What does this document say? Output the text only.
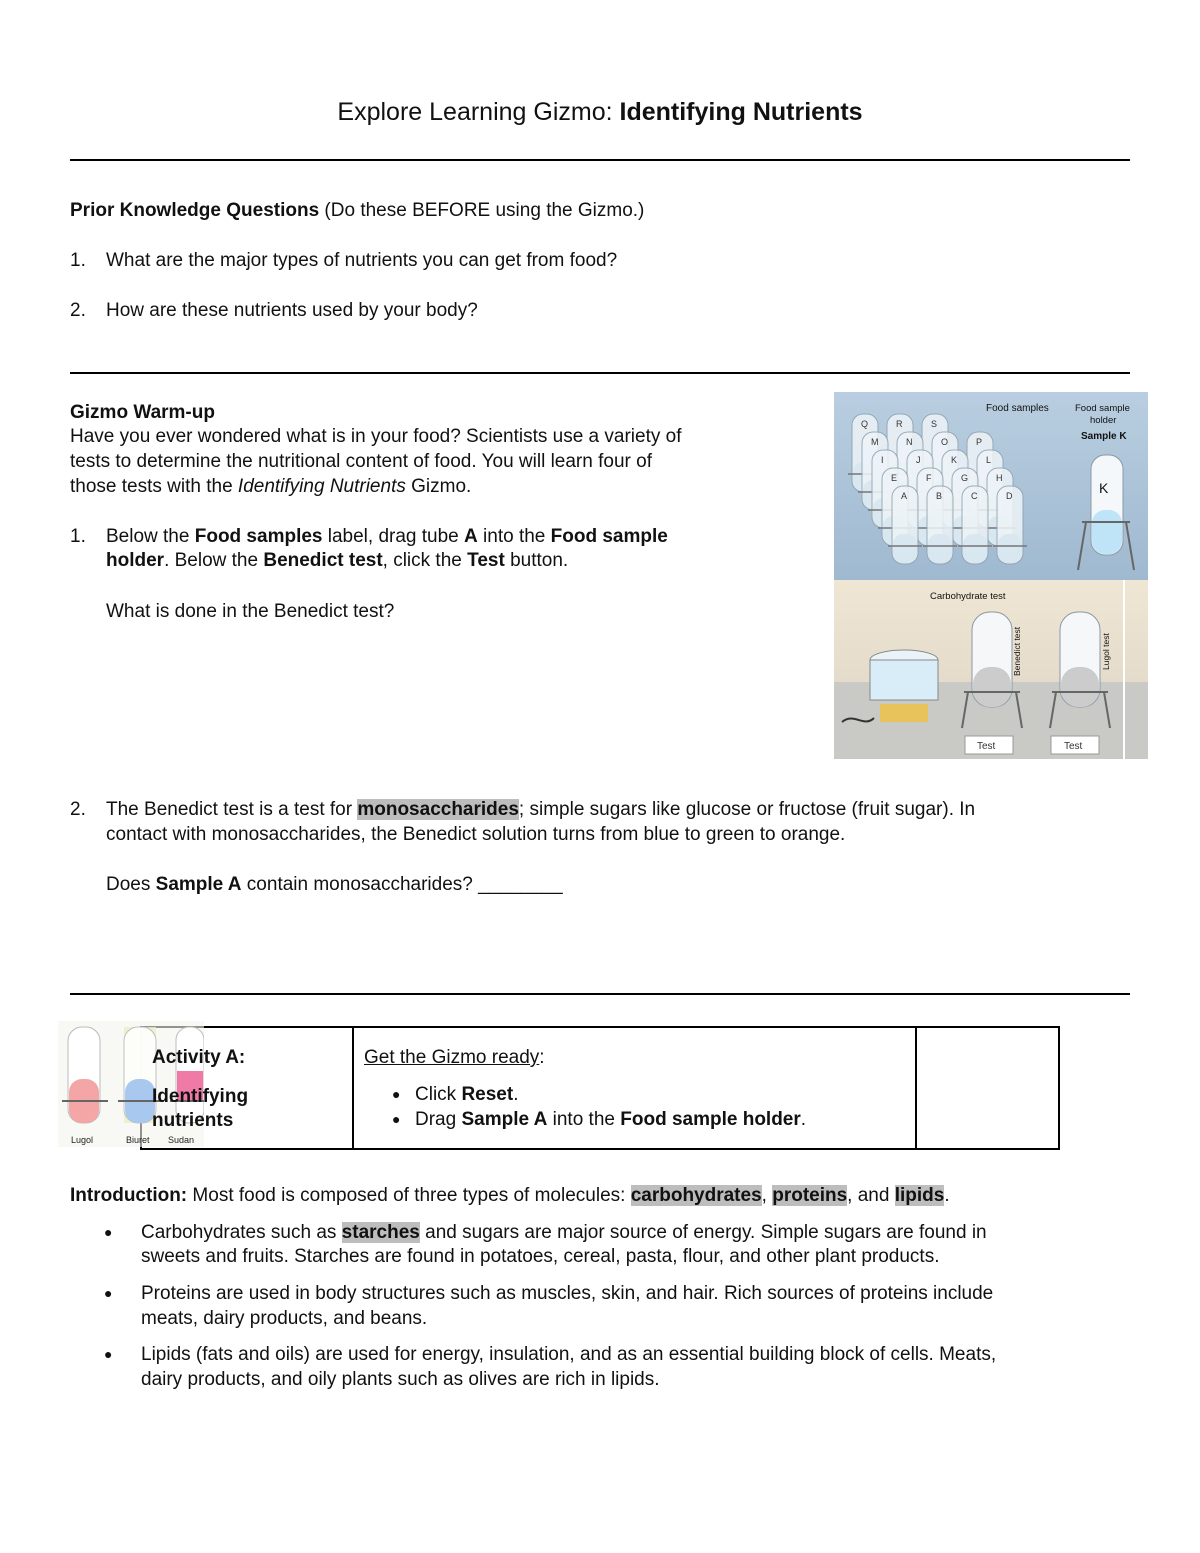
Explore Learning Gizmo: Identifying Nutrients
Prior Knowledge Questions (Do these BEFORE using the Gizmo.)
1. What are the major types of nutrients you can get from food?
2. How are these nutrients used by your body?
Gizmo Warm-up
Have you ever wondered what is in your food? Scientists use a variety of
tests to determine the nutritional content of food. You will learn four of
those tests with the Identifying Nutrients Gizmo.
1. Below the Food samples label, drag tube A into the Food sample
holder. Below the Benedict test, click the Test button.
What is done in the Benedict test?
Q	R	S
M	N	O	P
I	J	K	L
E	F	G	H
A	B	C	D
Food samples	Food sample
holder
Sample K
K
Carbohydrate test
Benedict test	Lugol test
Test	Test
2. The Benedict test is a test for monosaccharides; simple sugars like glucose or fructose (fruit sugar). In
contact with monosaccharides, the Benedict solution turns from blue to green to orange.
Does Sample A contain monosaccharides? ________

Lugol	Biuret Sudan
Activity A:
Identifying
nutrients
Get the Gizmo ready:
● Click Reset.
● Drag Sample A into the Food sample holder.
Introduction: Most food is composed of three types of molecules: carbohydrates, proteins, and lipids.
Carbohydrates such as starches and sugars are major source of energy. Simple sugars are found in
sweets and fruits. Starches are found in potatoes, cereal, pasta, flour, and other plant products.
Proteins are used in body structures such as muscles, skin, and hair. Rich sources of proteins include
meats, dairy products, and beans.
Lipids (fats and oils) are used for energy, insulation, and as an essential building block of cells. Meats,
dairy products, and oily plants such as olives are rich in lipids.
●
●
●
